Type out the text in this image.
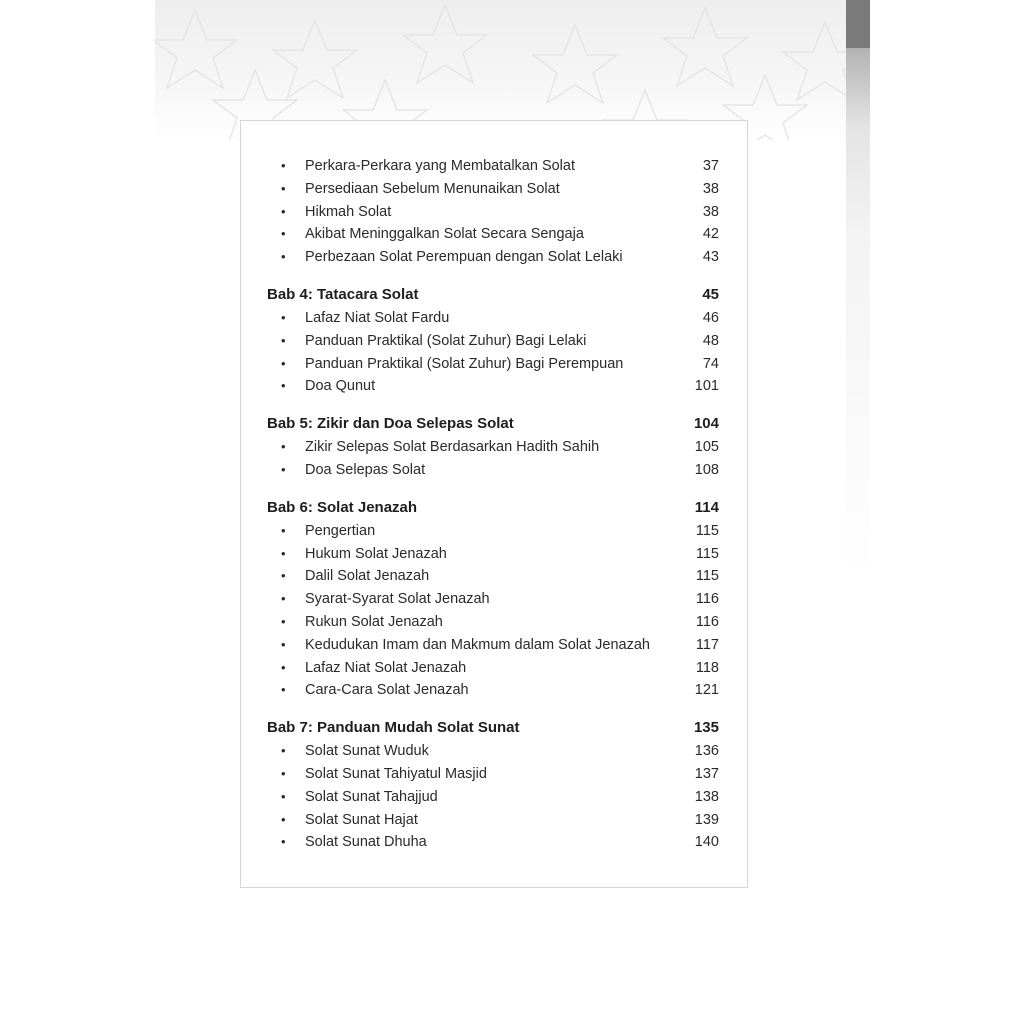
• Perkara-Perkara yang Membatalkan Solat	37
• Persediaan Sebelum Menunaikan Solat	38
• Hikmah Solat	38
• Akibat Meninggalkan Solat Secara Sengaja	42
• Perbezaan Solat Perempuan dengan Solat Lelaki	43
Bab 4: Tatacara Solat	45
• Lafaz Niat Solat Fardu	46
• Panduan Praktikal (Solat Zuhur) Bagi Lelaki	48
• Panduan Praktikal (Solat Zuhur) Bagi Perempuan	74
• Doa Qunut	101
Bab 5: Zikir dan Doa Selepas Solat	104
• Zikir Selepas Solat Berdasarkan Hadith Sahih	105
• Doa Selepas Solat	108
Bab 6: Solat Jenazah	114
• Pengertian	115
• Hukum Solat Jenazah	115
• Dalil Solat Jenazah	115
• Syarat-Syarat Solat Jenazah	116
• Rukun Solat Jenazah	116
• Kedudukan Imam dan Makmum dalam Solat Jenazah	117
• Lafaz Niat Solat Jenazah	118
• Cara-Cara Solat Jenazah	121
Bab 7: Panduan Mudah Solat Sunat	135
• Solat Sunat Wuduk	136
• Solat Sunat Tahiyatul Masjid	137
• Solat Sunat Tahajjud	138
• Solat Sunat Hajat	139
• Solat Sunat Dhuha	140
